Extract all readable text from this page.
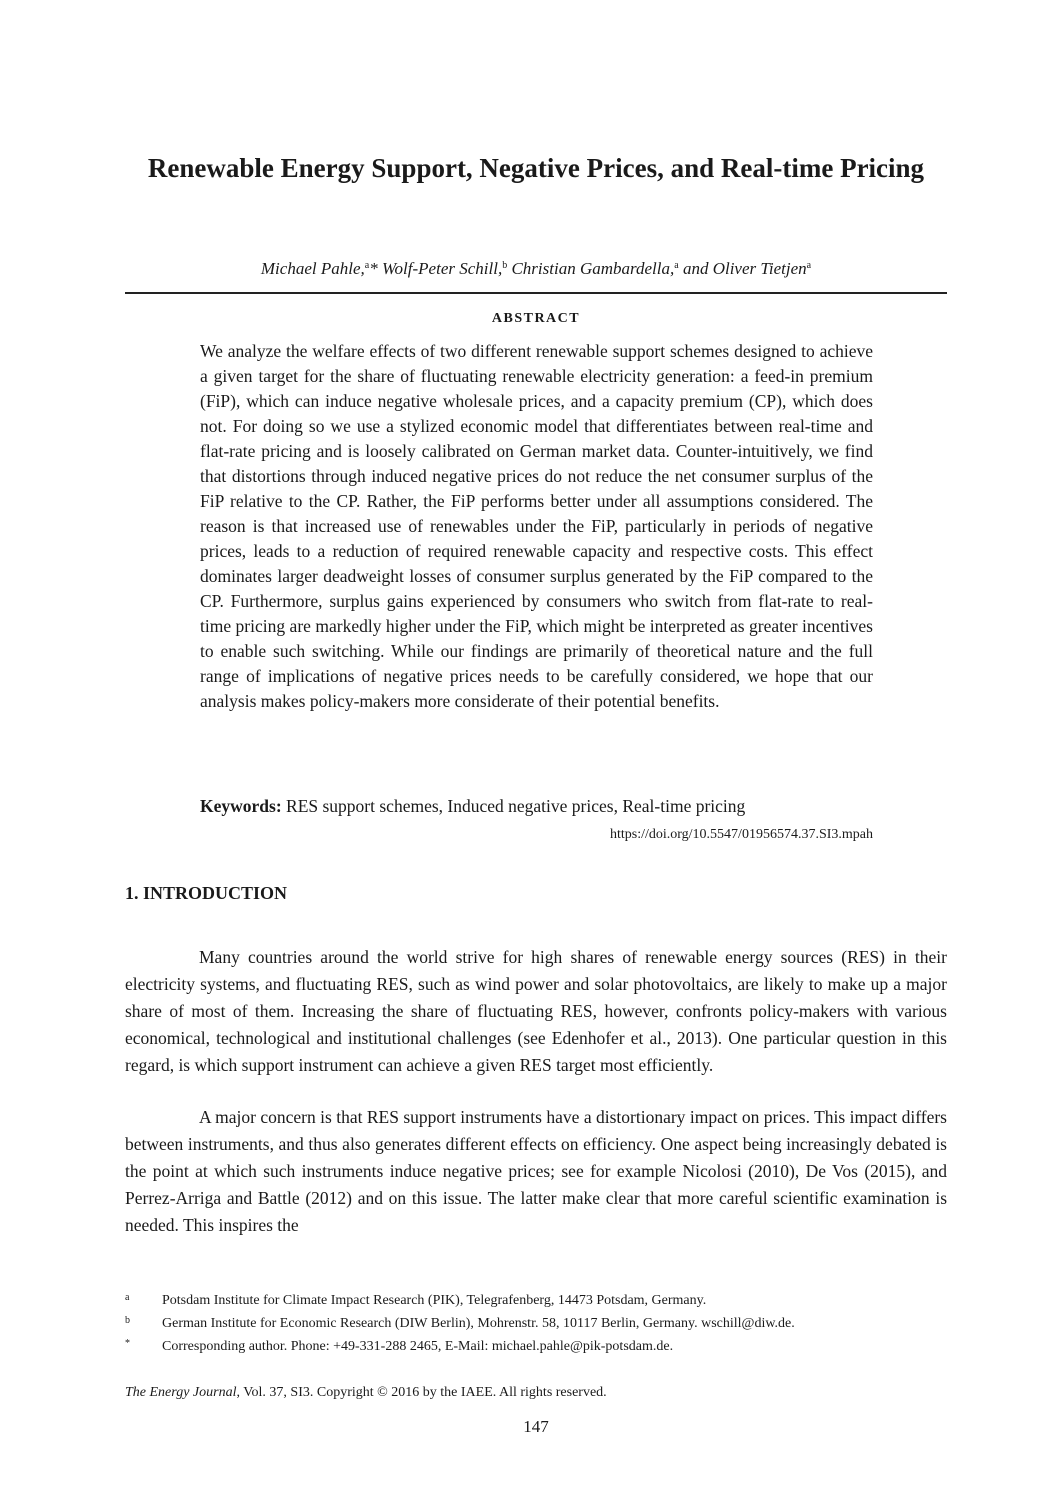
Renewable Energy Support, Negative Prices, and Real-time Pricing
Michael Pahle,$^a$* Wolf-Peter Schill,$^b$ Christian Gambardella,$^a$ and Oliver Tietjen$^a$
ABSTRACT

We analyze the welfare effects of two different renewable support schemes designed to achieve a given target for the share of fluctuating renewable electricity generation: a feed-in premium (FiP), which can induce negative wholesale prices, and a capacity premium (CP), which does not. For doing so we use a stylized economic model that differentiates between real-time and flat-rate pricing and is loosely calibrated on German market data. Counter-intuitively, we find that distortions through induced negative prices do not reduce the net consumer surplus of the FiP relative to the CP. Rather, the FiP performs better under all assumptions considered. The reason is that increased use of renewables under the FiP, particularly in periods of negative prices, leads to a reduction of required renewable capacity and respective costs. This effect dominates larger deadweight losses of consumer surplus generated by the FiP compared to the CP. Furthermore, surplus gains experienced by consumers who switch from flat-rate to real-time pricing are markedly higher under the FiP, which might be interpreted as greater incentives to enable such switching. While our findings are primarily of theoretical nature and the full range of implications of negative prices needs to be carefully considered, we hope that our analysis makes policy-makers more considerate of their potential benefits.

Keywords: RES support schemes, Induced negative prices, Real-time pricing
https://doi.org/10.5547/01956574.37.SI3.mpah
1. INTRODUCTION

Many countries around the world strive for high shares of renewable energy sources (RES) in their electricity systems, and fluctuating RES, such as wind power and solar photovoltaics, are likely to make up a major share of most of them. Increasing the share of fluctuating RES, however, confronts policy-makers with various economical, technological and institutional challenges (see Edenhofer et al., 2013). One particular question in this regard, is which support instrument can achieve a given RES target most efficiently.

A major concern is that RES support instruments have a distortionary impact on prices. This impact differs between instruments, and thus also generates different effects on efficiency. One aspect being increasingly debated is the point at which such instruments induce negative prices; see for example Nicolosi (2010), De Vos (2015), and Perrez-Arriga and Battle (2012) and on this issue. The latter make clear that more careful scientific examination is needed. This inspires the

a Potsdam Institute for Climate Impact Research (PIK), Telegrafenberg, 14473 Potsdam, Germany.
b German Institute for Economic Research (DIW Berlin), Mohrenstr. 58, 10117 Berlin, Germany. wschill@diw.de.
* Corresponding author. Phone: +49-331-288 2465, E-Mail: michael.pahle@pik-potsdam.de.
The Energy Journal, Vol. 37, SI3. Copyright © 2016 by the IAEE. All rights reserved.
147
